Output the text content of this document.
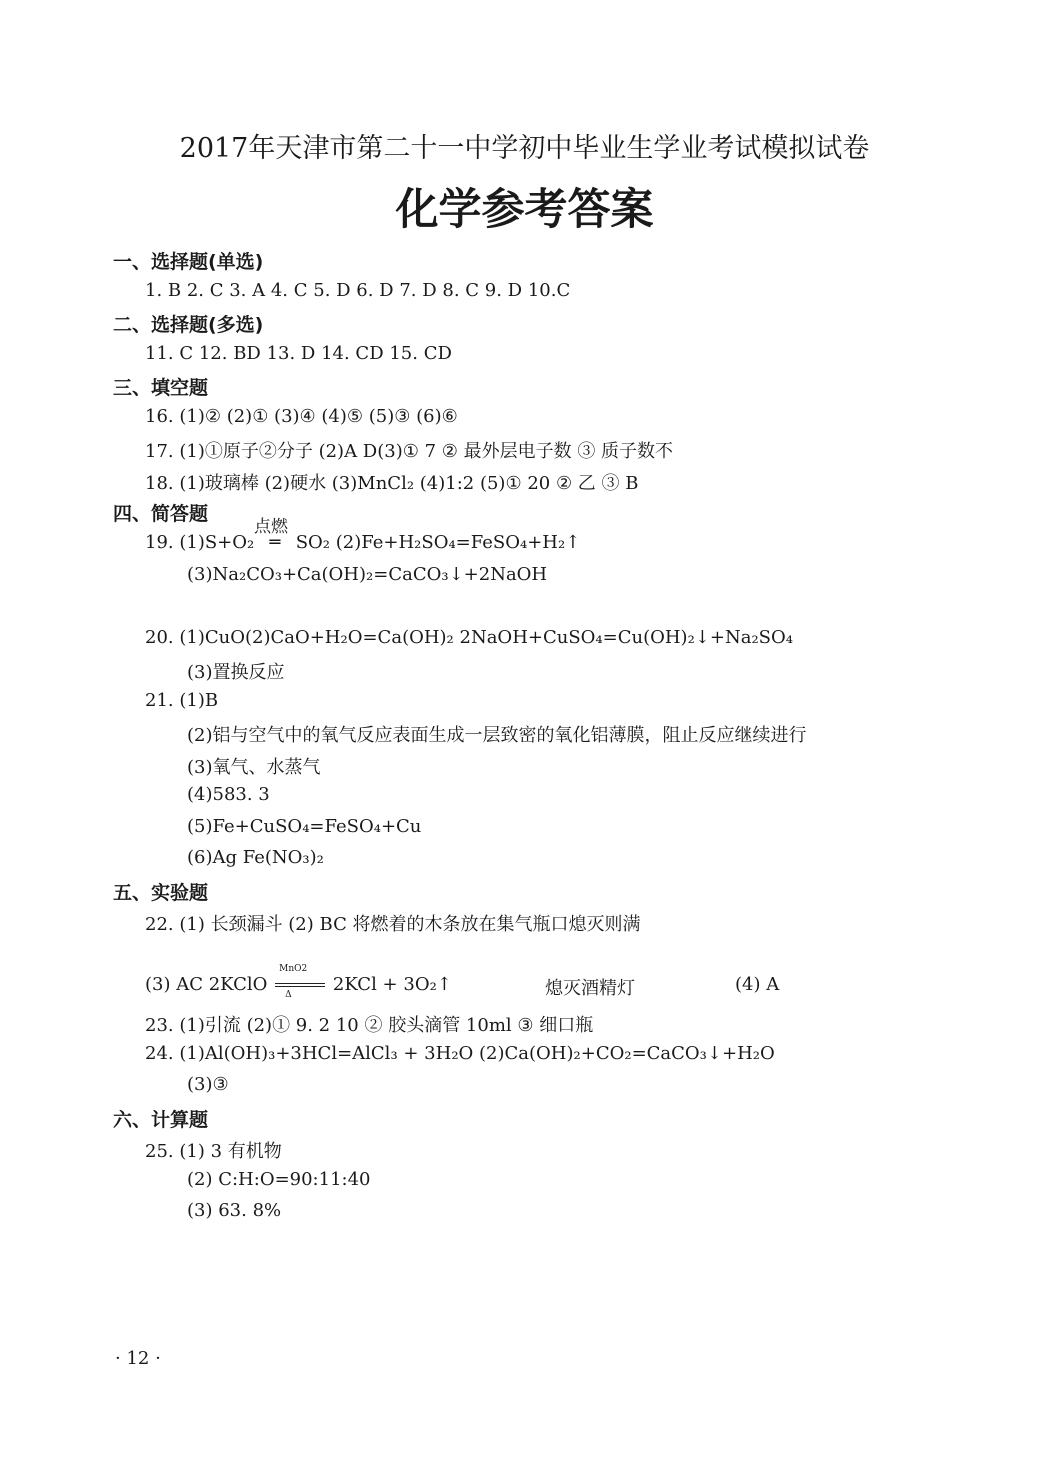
2017年天津市第二十一中学初中毕业生学业考试模拟试卷
化学参考答案
一、选择题(单选)
1. B 2. C 3. A 4. C 5. D 6. D 7. D 8. C 9. D 10.C
二、选择题(多选)
11. C 12. BD 13. D 14. CD 15. CD
三、填空题
16. (1)② (2)① (3)④ (4)⑤ (5)③ (6)⑥
17. (1)①原子②分子 (2)A D(3)① 7 ② 最外层电子数 ③ 质子数不
18. (1)玻璃棒 (2)硬水 (3)MnCl₂ (4)1:2 (5)① 20 ② 乙 ③ B
四、简答题
19. (1)S+O₂
点燃
═ SO₂ (2)Fe+H₂SO₄=FeSO₄+H₂↑
(3)Na₂CO₃+Ca(OH)₂=CaCO₃↓+2NaOH
20. (1)CuO(2)CaO+H₂O=Ca(OH)₂ 2NaOH+CuSO₄=Cu(OH)₂↓+Na₂SO₄
(3)置换反应
21. (1)B
(2)铝与空气中的氧气反应表面生成一层致密的氧化铝薄膜，阻止反应继续进行
(3)氧气、水蒸气
(4)583. 3
(5)Fe+CuSO₄=FeSO₄+Cu
(6)Ag Fe(NO₃)₂
五、实验题
22. (1) 长颈漏斗 (2) BC 将燃着的木条放在集气瓶口熄灭则满
(3) AC 2KClO
MnO2
Δ 2KCl + 3O₂↑	熄灭酒精灯	(4) A
23. (1)引流 (2)① 9. 2 10 ② 胶头滴管 10ml ③ 细口瓶
24. (1)Al(OH)₃+3HCl=AlCl₃ + 3H₂O (2)Ca(OH)₂+CO₂=CaCO₃↓+H₂O
(3)③
六、计算题
25. (1) 3 有机物
(2) C:H:O=90:11:40
(3) 63. 8%
· 12 ·
